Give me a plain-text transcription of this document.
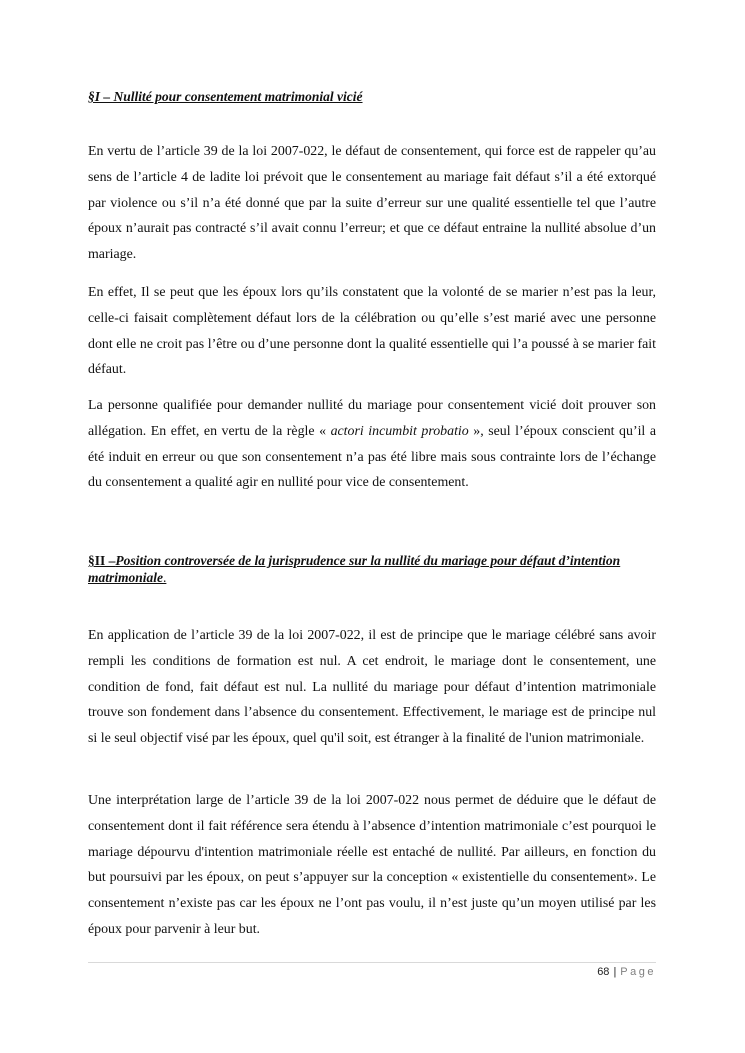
§I – Nullité pour consentement matrimonial vicié

En vertu de l’article 39 de la loi 2007-022, le défaut de consentement, qui force est de rappeler qu’au sens de l’article 4 de ladite loi prévoit que le consentement au mariage fait défaut s’il a été extorqué par violence ou s’il n’a été donné que par la suite d’erreur sur une qualité essentielle tel que l’autre époux n’aurait pas contracté s’il avait connu l’erreur; et que ce défaut entraine la nullité absolue d’un mariage.

En effet, Il se peut que les époux lors qu’ils constatent que la volonté de se marier n’est pas la leur, celle-ci faisait complètement défaut lors de la célébration ou qu’elle s’est marié avec une personne dont elle ne croit pas l’être ou d’une personne dont la qualité essentielle qui l’a poussé à se marier fait défaut.

La personne qualifiée pour demander nullité du mariage pour consentement vicié doit prouver son allégation. En effet, en vertu de la règle « actori incumbit probatio », seul l’époux conscient qu’il a été induit en erreur ou que son consentement n’a pas été libre mais sous contrainte lors de l’échange du consentement a qualité agir en nullité pour vice de consentement.

§II –Position controversée de la jurisprudence sur la nullité du mariage pour défaut d’intention matrimoniale.

En application de l’article 39 de la loi 2007-022, il est de principe que le mariage célébré sans avoir rempli les conditions de formation est nul. A cet endroit, le mariage dont le consentement, une condition de fond, fait défaut est nul. La nullité du mariage pour défaut d’intention matrimoniale trouve son fondement dans l’absence du consentement. Effectivement, le mariage est de principe nul si le seul objectif visé par les époux, quel qu'il soit, est étranger à la finalité de l'union matrimoniale.

Une interprétation large de l’article 39 de la loi 2007-022 nous permet de déduire que le défaut de consentement dont il fait référence sera étendu à l’absence d’intention matrimoniale c’est pourquoi le mariage dépourvu d'intention matrimoniale réelle est entaché de nullité. Par ailleurs, en fonction du but poursuivi par les époux, on peut s’appuyer sur la conception « existentielle du consentement». Le consentement n’existe pas car les époux ne l’ont pas voulu, il n’est juste qu’un moyen utilisé par les époux pour parvenir à leur but.

68 | Page
